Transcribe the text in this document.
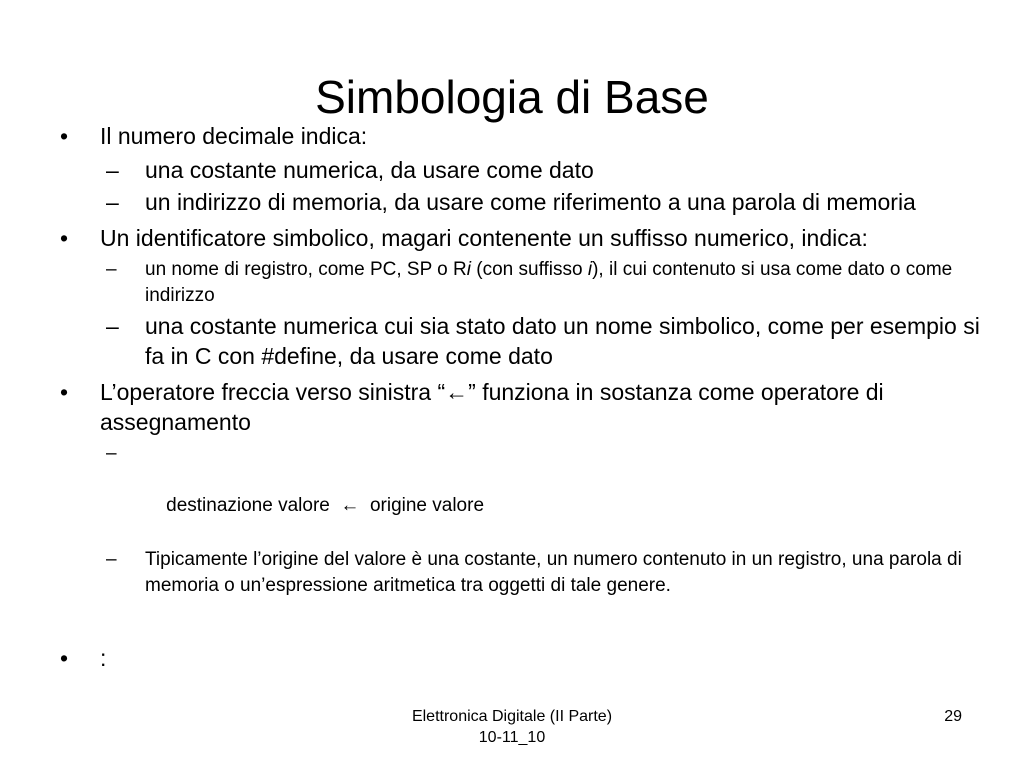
Simbologia di Base
• Il numero decimale indica:
– una costante numerica, da usare come dato
– un indirizzo di memoria, da usare come riferimento a una parola di memoria
• Un identificatore simbolico, magari contenente un suffisso numerico, indica:
– un nome di registro, come PC, SP o Ri (con suffisso i), il cui contenuto si usa come dato o come indirizzo
– una costante numerica cui sia stato dato un nome simbolico, come per esempio si fa in C con #define, da usare come dato
• L’operatore freccia verso sinistra “←” funziona in sostanza come operatore di assegnamento

–

destinazione valore  ←  origine valore

– Tipicamente l’origine del valore è una costante, un numero contenuto in un registro, una parola di memoria o un’espressione aritmetica tra oggetti di tale genere.
• :
Elettronica Digitale (II Parte)
10-11_10
29
